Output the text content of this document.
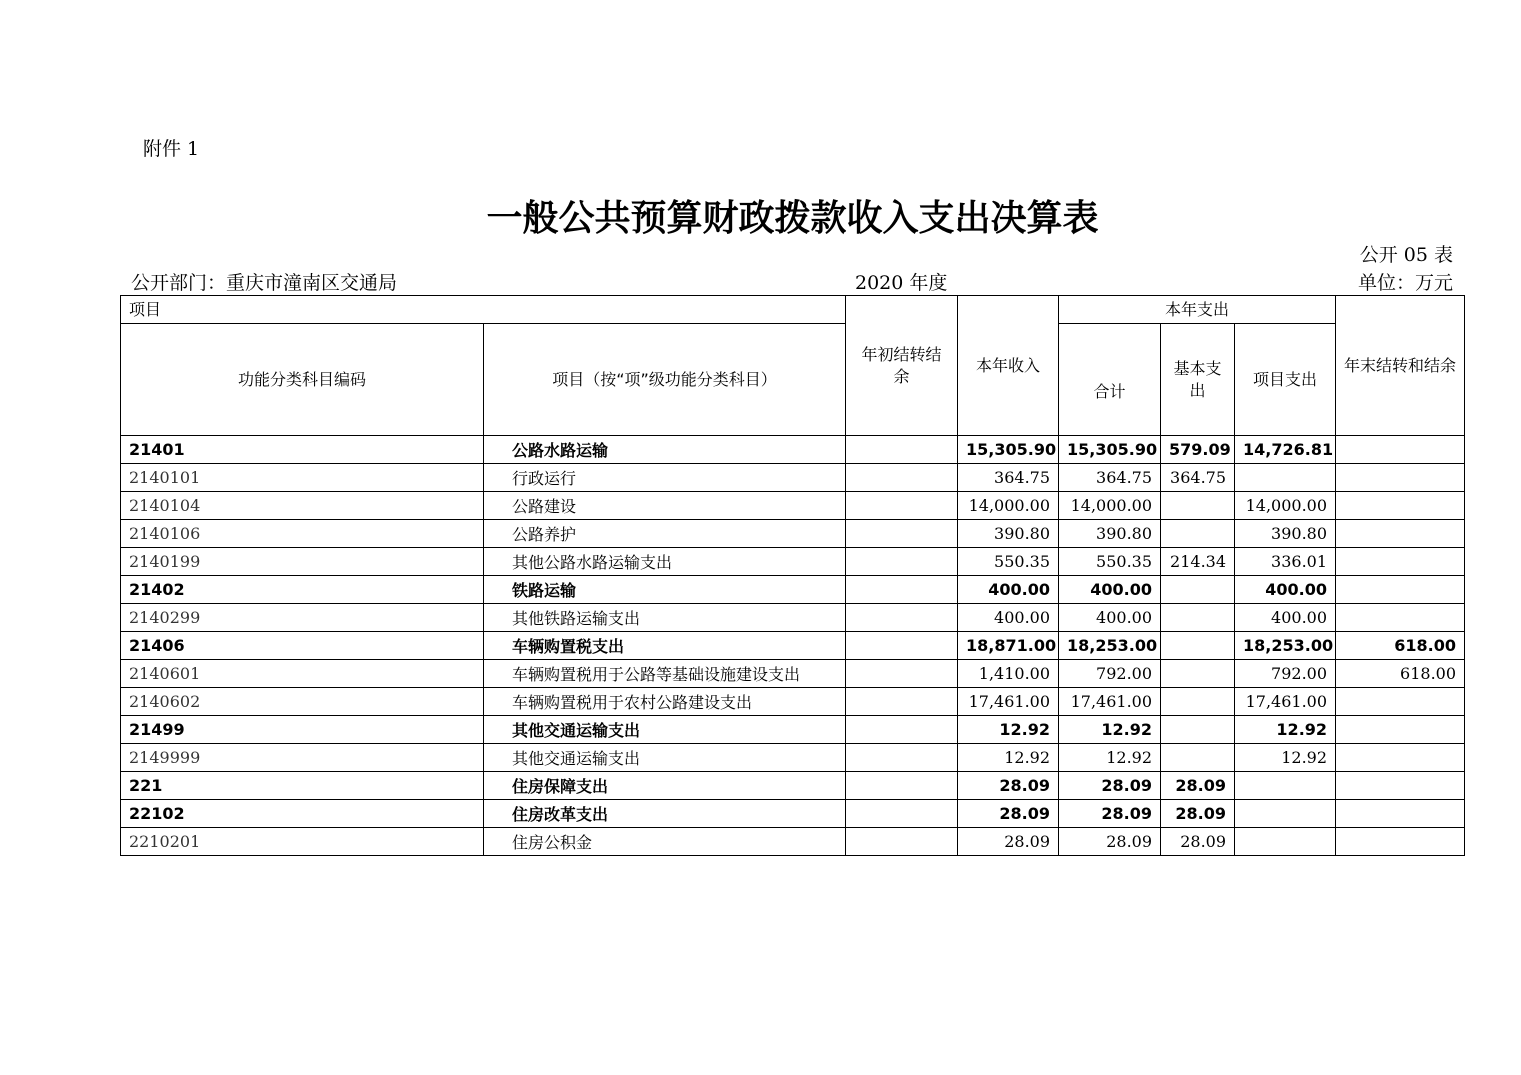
附件 1
一般公共预算财政拨款收入支出决算表
公开 05 表
公开部门：重庆市潼南区交通局	2020 年度	单位：万元
项目		年初结转结余	本年收入	本年支出			年末结转和结余
功能分类科目编码	项目（按“项”级功能分类科目）			合计	基本支出	项目支出	
21401	公路水路运输		15,305.90	15,305.90	579.09	14,726.81	
2140101	行政运行		364.75	364.75	364.75		
2140104	公路建设		14,000.00	14,000.00		14,000.00	
2140106	公路养护		390.80	390.80		390.80	
2140199	其他公路水路运输支出		550.35	550.35	214.34	336.01	
21402	铁路运输		400.00	400.00		400.00	
2140299	其他铁路运输支出		400.00	400.00		400.00	
21406	车辆购置税支出		18,871.00	18,253.00		18,253.00	618.00
2140601	车辆购置税用于公路等基础设施建设支出		1,410.00	792.00		792.00	618.00
2140602	车辆购置税用于农村公路建设支出		17,461.00	17,461.00		17,461.00	
21499	其他交通运输支出		12.92	12.92		12.92	
2149999	其他交通运输支出		12.92	12.92		12.92	
221	住房保障支出		28.09	28.09	28.09		
22102	住房改革支出		28.09	28.09	28.09		
2210201	住房公积金		28.09	28.09	28.09		
